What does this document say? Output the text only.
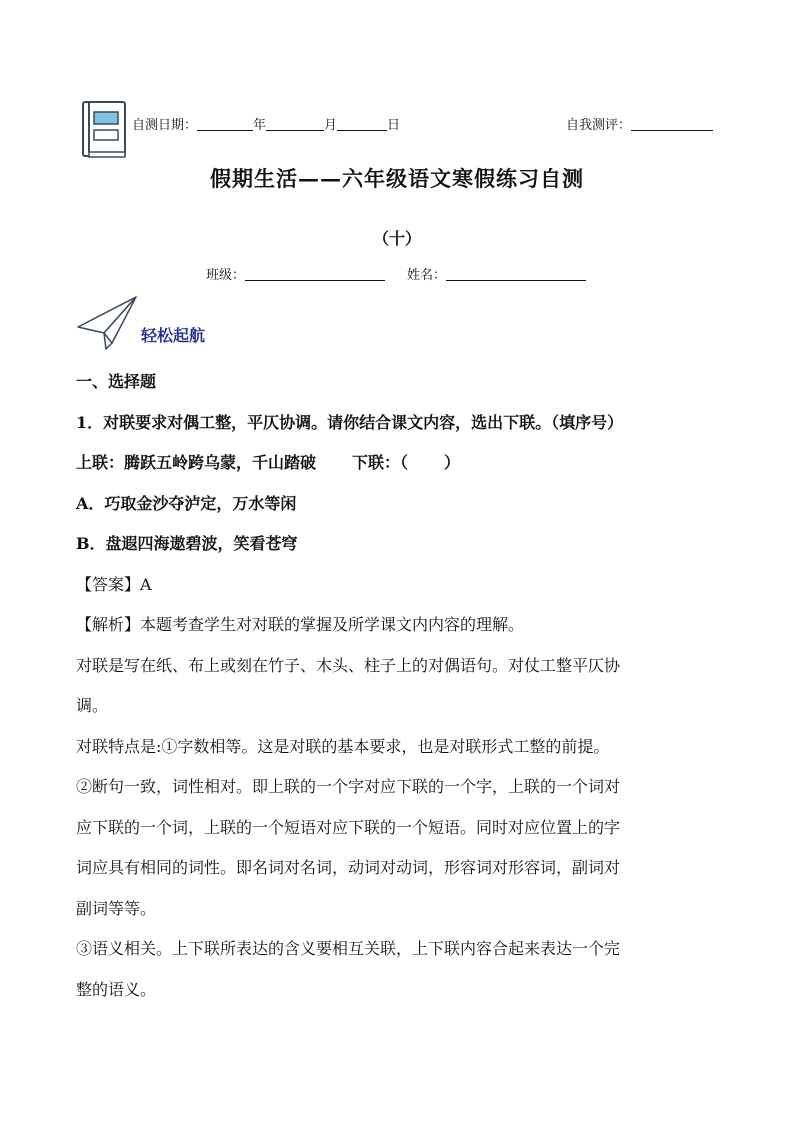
自测日期：	年	月	日	自我测评：
假期生活——六年级语文寒假练习自测
（十）
班级：	姓名：
轻松起航
一、选择题
1．对联要求对偶工整，平仄协调。请你结合课文内容，选出下联。（填序号）
上联：腾跃五岭跨乌蒙，千山踏破 下联：（ ）
A．巧取金沙夺泸定，万水等闲
B．盘遐四海遨碧波，笑看苍穹
【答案】A
【解析】本题考查学生对对联的掌握及所学课文内内容的理解。
对联是写在纸、布上或刻在竹子、木头、柱子上的对偶语句。对仗工整平仄协
调。
对联特点是:①字数相等。这是对联的基本要求，也是对联形式工整的前提。
②断句一致，词性相对。即上联的一个字对应下联的一个字，上联的一个词对
应下联的一个词，上联的一个短语对应下联的一个短语。同时对应位置上的字
词应具有相同的词性。即名词对名词，动词对动词，形容词对形容词，副词对
副词等等。
③语义相关。上下联所表达的含义要相互关联，上下联内容合起来表达一个完
整的语义。
